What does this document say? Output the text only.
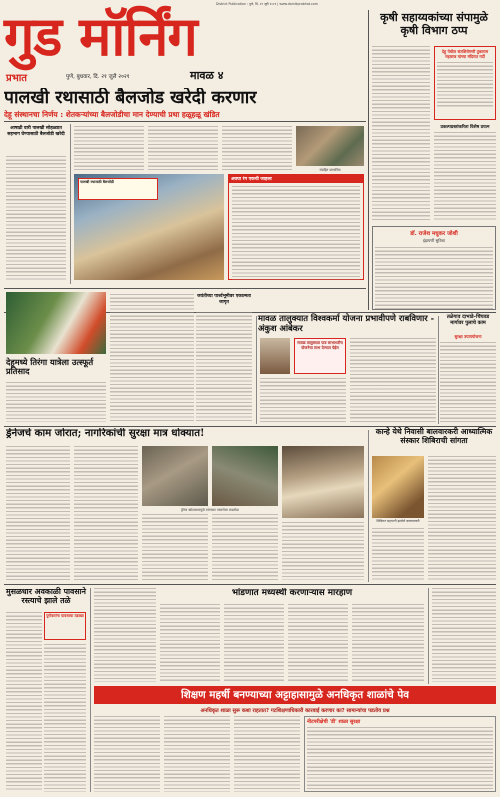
District Publication : पुणे, दि. २१ जुलै २०२१ | www.dainikprabhat.com
गुड मॉर्निंग
प्रभात	पुणे, बुधवार, दि. २१ जुलै २०२१	मावळ ४
कृषी सहाय्यकांच्या संपामुळे कृषी विभाग ठप्प
देहू येथील संतशिरोमणी तुकाराम महाराज यांच्या मंदिरात गर्दी
प्रकल्पग्रस्तांकरिता विशेष प्रयत्न
डॉ. राजेश मधुकर जोशी
इंद्रायणी सुविधा
पालखी रथासाठी बैलजोड खरेदी करणार
देहू संस्थानचा निर्णय : शेतकऱ्यांच्या बैलजोडीचा मान देण्याची प्रथा हळूहळू खंडित
आषाढी वारी पालखी सोहळ्यात सहभाग घेण्यासाठी बैलजोडी खरेदी
संग्रहित छायाचित्र
पालखी रथासाठी बैलजोडी	अवघा रंग एकची जाहला
देहूमध्ये तिरंगा यात्रेला उत्स्फूर्त प्रतिसाद
जयंतीच्या पार्श्वभूमीवर एकात्मता जागृत
मावळ तालुक्यात विश्वकर्मा योजना प्रभावीपणे राबविणार - अंकुश आंबेकर
मावळ तालुक्यात पात्र लाभार्थ्यांना योजनेचा लाभ देण्यात येईल
तळेगाव दाभाडे–चिंचवड मार्गावर पुलाचे काम
सुरक्षा उपाययोजना
ड्रेनेजचे काम जोरात; नागरिकांची सुरक्षा मात्र धोक्यात!	कान्हे येथे निवासी बालवारकरी आध्यात्मिक संस्कार शिबिराची सांगता
ड्रेनेज खोदकामामुळे रस्त्यावर पसरलेला राडारोडा
शिबिरात सहभागी झालेले बालवारकरी
मुसळधार अवकाळी पावसाने रस्त्याचे झाले तळे
पुणेकरांना पावसाचा तडाखा
भांडणात मध्यस्थी करणाऱ्यास मारहाण
शिक्षण महर्षी बनण्याच्या अट्टाहासामुळे अनधिकृत शाळांचे पेव
अनधिकृत शाळा सुरू कशा राहतात? गटशिक्षणाधिकारी कारवाई करणार का? सामान्यांचा पडतोय प्रश्न
नीटपरीक्षेची 'डी' शाळा सुरक्षा
